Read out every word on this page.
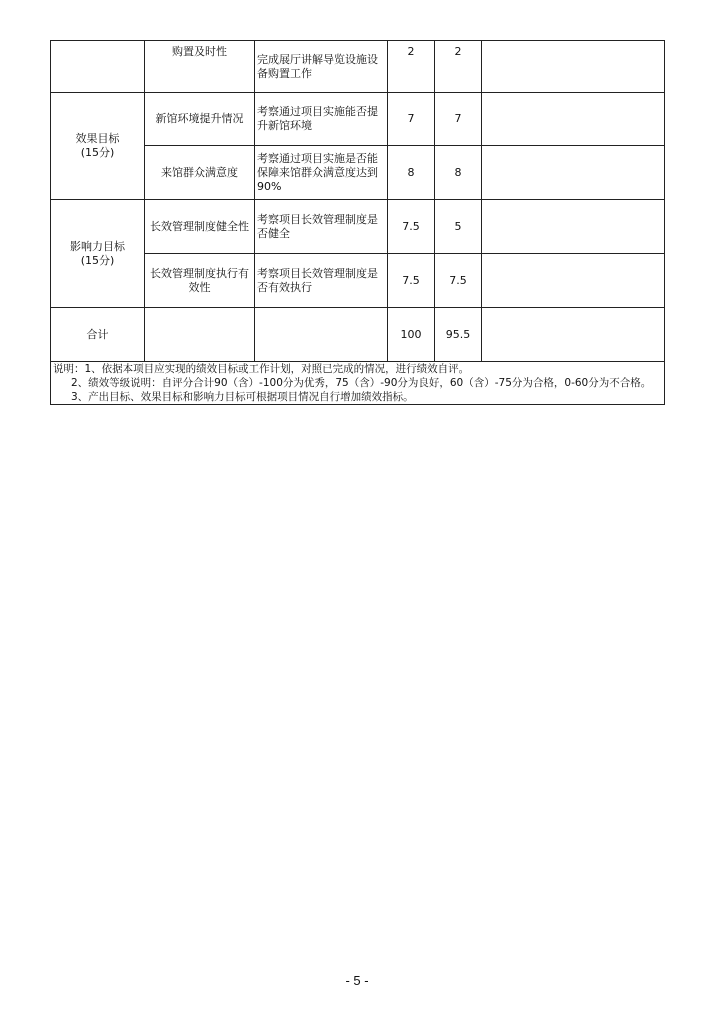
	购置及时性	完成展厅讲解导览设施设备购置工作	2	2	

效果目标
(15分)	新馆环境提升情况	考察通过项目实施能否提升新馆环境	7	7	
	来馆群众满意度	考察通过项目实施是否能保障来馆群众满意度达到90%	8	8	

影响力目标
(15分)	长效管理制度健全性	考察项目长效管理制度是否健全	7.5	5	
	长效管理制度执行有效性	考察项目长效管理制度是否有效执行	7.5	7.5	
合计			100	95.5	

说明：1、依据本项目应实现的绩效目标或工作计划，对照已完成的情况，进行绩效自评。
2、绩效等级说明：自评分合计90（含）-100分为优秀，75（含）-90分为良好，60（含）-75分为合格，0-60分为不合格。
3、产出目标、效果目标和影响力目标可根据项目情况自行增加绩效指标。					
- 5 -
